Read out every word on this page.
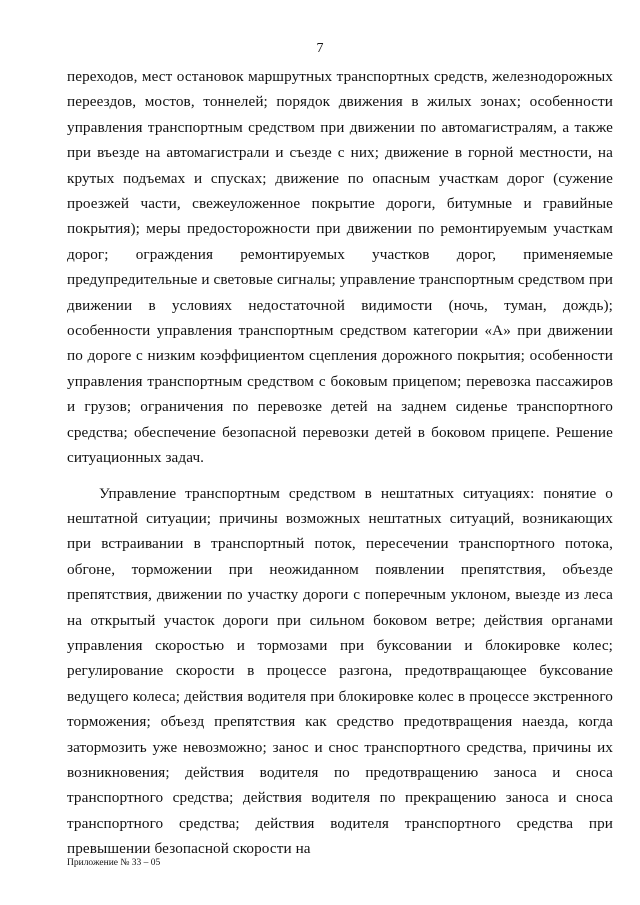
7

переходов, мест остановок маршрутных транспортных средств, железнодорожных переездов, мостов, тоннелей; порядок движения в жилых зонах; особенности управления транспортным средством при движении по автомагистралям, а также при въезде на автомагистрали и съезде с них; движение в горной местности, на крутых подъемах и спусках; движение по опасным участкам дорог (сужение проезжей части, свежеуложенное покрытие дороги, битумные и гравийные покрытия); меры предосторожности при движении по ремонтируемым участкам дорог; ограждения ремонтируемых участков дорог, применяемые предупредительные и световые сигналы; управление транспортным средством при движении в условиях недостаточной видимости (ночь, туман, дождь); особенности управления транспортным средством категории «А» при движении по дороге с низким коэффициентом сцепления дорожного покрытия; особенности управления транспортным средством с боковым прицепом; перевозка пассажиров и грузов; ограничения по перевозке детей на заднем сиденье транспортного средства; обеспечение безопасной перевозки детей в боковом прицепе. Решение ситуационных задач.

Управление транспортным средством в нештатных ситуациях: понятие о нештатной ситуации; причины возможных нештатных ситуаций, возникающих при встраивании в транспортный поток, пересечении транспортного потока, обгоне, торможении при неожиданном появлении препятствия, объезде препятствия, движении по участку дороги с поперечным уклоном, выезде из леса на открытый участок дороги при сильном боковом ветре; действия органами управления скоростью и тормозами при буксовании и блокировке колес; регулирование скорости в процессе разгона, предотвращающее буксование ведущего колеса; действия водителя при блокировке колес в процессе экстренного торможения; объезд препятствия как средство предотвращения наезда, когда затормозить уже невозможно; занос и снос транспортного средства, причины их возникновения; действия водителя по предотвращению заноса и сноса транспортного средства; действия водителя по прекращению заноса и сноса транспортного средства; действия водителя транспортного средства при превышении безопасной скорости на

Приложение № 33 – 05
